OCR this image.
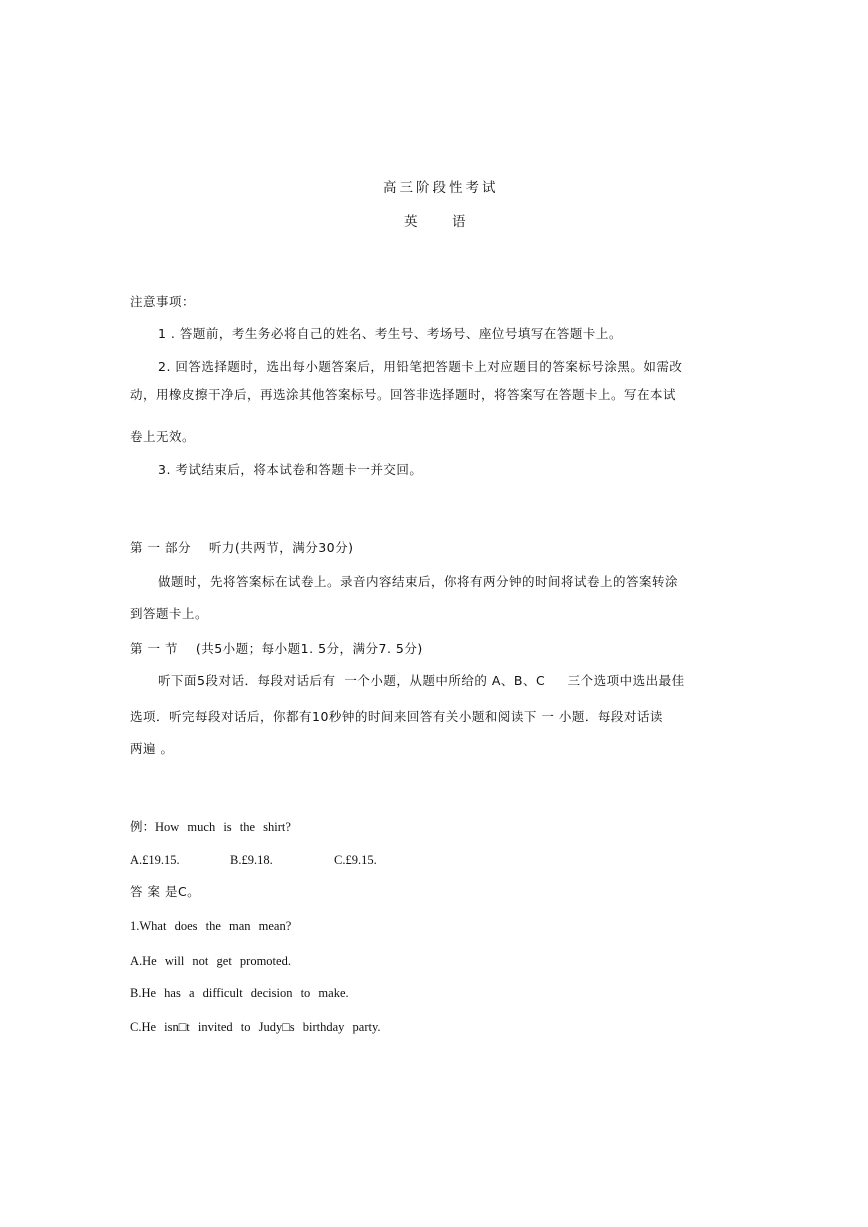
高三阶段性考试
英	语
注意事项：
1 . 答题前，考生务必将自己的姓名、考生号、考场号、座位号填写在答题卡上。
2. 回答选择题时，选出每小题答案后，用铅笔把答题卡上对应题目的答案标号涂黑。如需改
动，用橡皮擦干净后，再选涂其他答案标号。回答非选择题时，将答案写在答题卡上。写在本试
卷上无效。
3. 考试结束后，将本试卷和答题卡一并交回。
第 一 部分    听力(共两节，满分30分)
做题时，先将答案标在试卷上。录音内容结束后，你将有两分钟的时间将试卷上的答案转涂
到答题卡上。
第 一 节    (共5小题；每小题1. 5分，满分7. 5分)
听下面5段对话．每段对话后有  一个小题，从题中所给的 A、B、C     三个选项中选出最佳
选项．听完每段对话后，你都有10秒钟的时间来回答有关小题和阅读下 一 小题．每段对话读
两遍 。
例：How much is the shirt?
A.£19.15.	B.£9.18.	C.£9.15.
答 案 是C。
1.What does the man mean?
A.He will not get promoted.
B.He has a difficult decision to make.
C.He isn□t invited to Judy□s birthday party.
